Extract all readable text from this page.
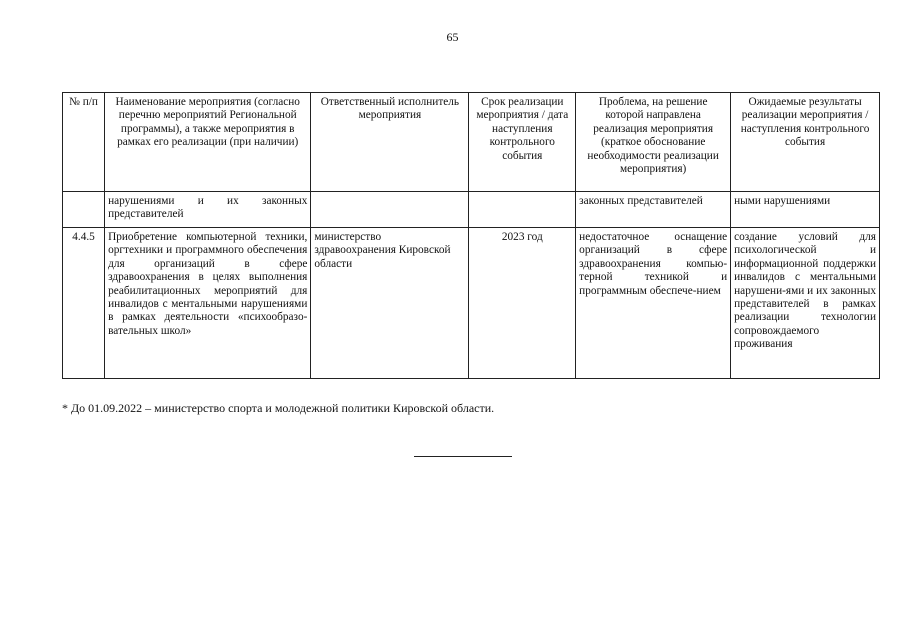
65
№ п/п	Наименование мероприятия (согласно перечню мероприятий Региональной программы), а также мероприятия в рамках его реализации (при наличии)	Ответственный исполнитель мероприятия	Срок реализации мероприятия / дата наступления контрольного события	Проблема, на решение которой направлена реализация мероприятия (краткое обоснование необходимости реализации мероприятия)	Ожидаемые результаты реализации мероприятия / наступления контрольного события
	нарушениями и их законных представителей			законных представителей	ными нарушениями
4.4.5	Приобретение компьютерной техники, оргтехники и программного обеспечения для организаций в сфере здравоохранения в целях выполнения реабилитационных мероприятий для инвалидов с ментальными нарушениями в рамках деятельности «психообразо-вательных школ»	министерство здравоохранения Кировской области	2023 год	недостаточное оснащение организаций в сфере здравоохранения компью-терной техникой и программным обеспече-нием	создание условий для психологической и информационной поддержки инвалидов с ментальными нарушени-ями и их законных представителей в рамках реализации технологии сопровождаемого проживания
* До 01.09.2022 – министерство спорта и молодежной политики Кировской области.
